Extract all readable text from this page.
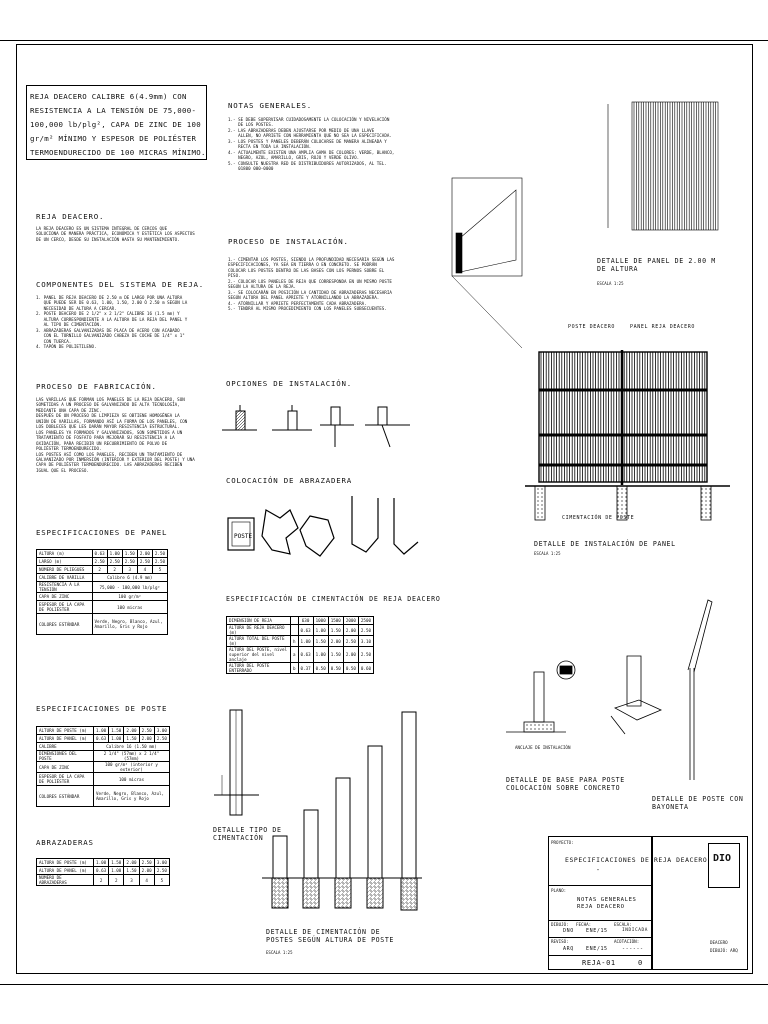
REJA DEACERO CALIBRE 6(4.9mm) CON RESISTENCIA A LA TENSIÓN DE 75,000-100,000 lb/plg², CAPA DE ZINC DE 100 gr/m² MÍNIMO Y ESPESOR DE POLIÉSTER TERMOENDURECIDO DE 100 MICRAS MÍNIMO.
REJA DEACERO.
LA REJA DEACERO ES UN SISTEMA INTEGRAL DE CERCOS QUE
SOLUCIONA DE MANERA PRÁCTICA, ECONÓMICA Y ESTÉTICA LOS ASPECTOS
DE UN CERCO, DESDE SU INSTALACIÓN HASTA SU MANTENIMIENTO.
COMPONENTES DEL SISTEMA DE REJA.
1. PANEL DE REJA DEACERO DE 2.50 m DE LARGO POR UNA ALTURA
QUE PUEDE SER DE 0.63, 1.00, 1.50, 2.00 Ó 2.50 m SEGÚN LA
NECESIDAD DE ALTURA A CERCAR.
2. POSTE DEACERO DE 2 1/2" x 2 1/2" CALIBRE 16 (1.5 mm) Y
ALTURA CORRESPONDIENTE A LA ALTURA DE LA REJA DEL PANEL Y
AL TIPO DE CIMENTACIÓN.
3. ABRAZADERAS GALVANIZADAS DE PLACA DE ACERO CON ACABADO
CON EL TORNILLO GALVANIZADO CABEZA DE COCHE DE 1/4" x 1"
CON TUERCA.
4. TAPÓN DE POLIETILENO.
PROCESO DE FABRICACIÓN.
LAS VARILLAS QUE FORMAN LOS PANELES DE LA REJA DEACERO, SON
SOMETIDAS A UN PROCESO DE GALVANIZADO DE ALTA TECNOLOGÍA,
MEDIANTE UNA CAPA DE ZINC.
DESPUÉS DE UN PROCESO DE LIMPIEZA SE OBTIENE HOMOGÉNEA LA
UNIÓN DE VARILLAS, FORMANDO ASÍ LA FORMA DE LOS PANELES, CON
LOS DOBLECES QUE LES DARÁN MAYOR RESISTENCIA ESTRUCTURAL.
LOS PANELES YA FORMADOS Y GALVANIZADOS, SON SOMETIDOS A UN
TRATAMIENTO DE FOSFATO PARA MEJORAR SU RESISTENCIA A LA
OXIDACIÓN, PARA RECIBIR UN RECUBRIMIENTO DE POLVO DE
POLIÉSTER TERMOENDURECIDO.
LOS POSTES ASÍ COMO LOS PANELES, RECIBEN UN TRATAMIENTO DE
GALVANIZADO POR INMERSIÓN (INTERIOR Y EXTERIOR DEL POSTE) Y UNA
CAPA DE POLIÉSTER TERMOENDURECIDO. LAS ABRAZADERAS RECIBEN
IGUAL QUE EL PROCESO.
ESPECIFICACIONES DE PANEL
ALTURA (m)	0.63	1.00	1.50	2.00	2.50
LARGO (m)	2.50	2.50	2.50	2.50	2.50
NÚMERO DE PLIEGUES	2	2	3	4	5
CALIBRE DE VARILLA	Calibre 6 (4.9 mm)				
RESISTENCIA A LA TENSIÓN	75,000 - 100,000 lb/plg²				
CAPA DE ZINC	100 gr/m²				
ESPESOR DE LA CAPA DE POLIÉSTER	100 micras				
COLORES ESTÁNDAR	Verde, Negro, Blanco, Azul, Amarillo, Gris y Rojo				
ESPECIFICACIONES DE POSTE
ALTURA DE POSTE (m)	1.00	1.50	2.00	2.50	3.00
ALTURA DE PANEL (m)	0.63	1.00	1.50	2.00	2.50
CALIBRE	Calibre 16 (1.50 mm)				
DIMENSIONES DEL POSTE	2 1/4" (57mm) x 2 1/4" (57mm)				
CAPA DE ZINC	100 gr/m² (interior y exterior)				
ESPESOR DE LA CAPA DE POLIÉSTER	100 micras				
COLORES ESTÁNDAR	Verde, Negro, Blanco, Azul, Amarillo, Gris y Rojo				
ABRAZADERAS
ALTURA DE POSTE (m)	1.00	1.50	2.00	2.50	3.00
ALTURA DE PANEL (m)	0.63	1.00	1.50	2.00	2.50
NÚMERO DE ABRAZADERAS	2	2	3	4	5
NOTAS GENERALES.
1.- SE DEBE SUPERVISAR CUIDADOSAMENTE LA COLOCACIÓN Y NIVELACIÓN
DE LOS POSTES.
2.- LAS ABRAZADERAS DEBEN AJUSTARSE POR MEDIO DE UNA LLAVE
ALLEN, NO APRIETE CON HERRAMIENTA QUE NO SEA LA ESPECIFICADA.
3.- LOS POSTES Y PANELES DEBERÁN COLOCARSE DE MANERA ALINEADA Y
RECTA EN TODA LA INSTALACIÓN.
4.- ACTUALMENTE EXISTEN UNA AMPLIA GAMA DE COLORES: VERDE, BLANCO,
NEGRO, AZUL, AMARILLO, GRIS, ROJO Y VERDE OLIVO.
5.- CONSULTE NUESTRA RED DE DISTRIBUIDORES AUTORIZADOS, AL TEL.
01800 000-0000
PROCESO DE INSTALACIÓN.
1.- CIMENTAR LOS POSTES, SIENDO LA PROFUNDIDAD NECESARIA SEGÚN LAS
ESPECIFICACIONES, YA SEA EN TIERRA O EN CONCRETO. SE PODRÁN
COLOCAR LOS POSTES DENTRO DE LAS BASES CON LOS PERNOS SOBRE EL
PISO.
2.- COLOCAR LOS PANELES DE REJA QUE CORRESPONDA EN UN MISMO POSTE
SEGÚN LA ALTURA DE LA REJA.
3.- SE COLOCARÁN EN POSICIÓN LA CANTIDAD DE ABRAZADERAS NECESARIA
SEGÚN ALTURA DEL PANEL APRIETE Y ATORNILLANDO LA ABRAZADERA.
4.- ATORNILLAR Y APRIETE PERFECTAMENTE CADA ABRAZADERA.
5.- TENDRÁ AL MISMO PROCEDIMIENTO CON LOS PANELES SUBSECUENTES.
OPCIONES DE INSTALACIÓN.
COLOCACIÓN DE ABRAZADERA
POSTE
ESPECIFICACIÓN DE CIMENTACIÓN DE REJA DEACERO
DIMENSIÓN DE REJA		630	1000	1500	2000	2500
ALTURA DE REJA DEACERO (m)		0.63	1.00	1.50	2.00	2.50
ALTURA TOTAL DEL POSTE (m)	h	1.00	1.50	2.00	2.50	3.10
ALTURA DEL POSTE, nivel superior del nivel anclaje	a	0.63	1.00	1.50	2.00	2.50
ALTURA DEL POSTE ENTERRADO	b	0.37	0.50	0.50	0.50	0.60
DETALLE TIPO DE
CIMENTACIÓN
DETALLE DE CIMENTACIÓN DE
POSTES SEGÚN ALTURA DE POSTE
ESCALA 1:25
DETALLE DE PANEL DE 2.00 M
DE ALTURA
ESCALA 1:25
POSTE DEACERO	PANEL REJA DEACERO
CIMENTACIÓN DE POSTE
DETALLE DE INSTALACIÓN DE PANEL
ESCALA 1:25
ANCLAJE DE INSTALACIÓN
DETALLE DE BASE PARA POSTE
COLOCACIÓN SOBRE CONCRETO
DETALLE DE POSTE CON BAYONETA
PROYECTO:
ESPECIFICACIONES DE REJA DEACERO
-
PLANO:
NOTAS GENERALES
REJA DEACERO
DIBUJÓ:
DNO
FECHA:
ENE/15
ESCALA:
INDICADA
REVISÓ:
ARQ ENE/15
ACOTACIÓN:
------
REJA-01	0
DIO
DEACERO
DIBUJÓ: ARQ
